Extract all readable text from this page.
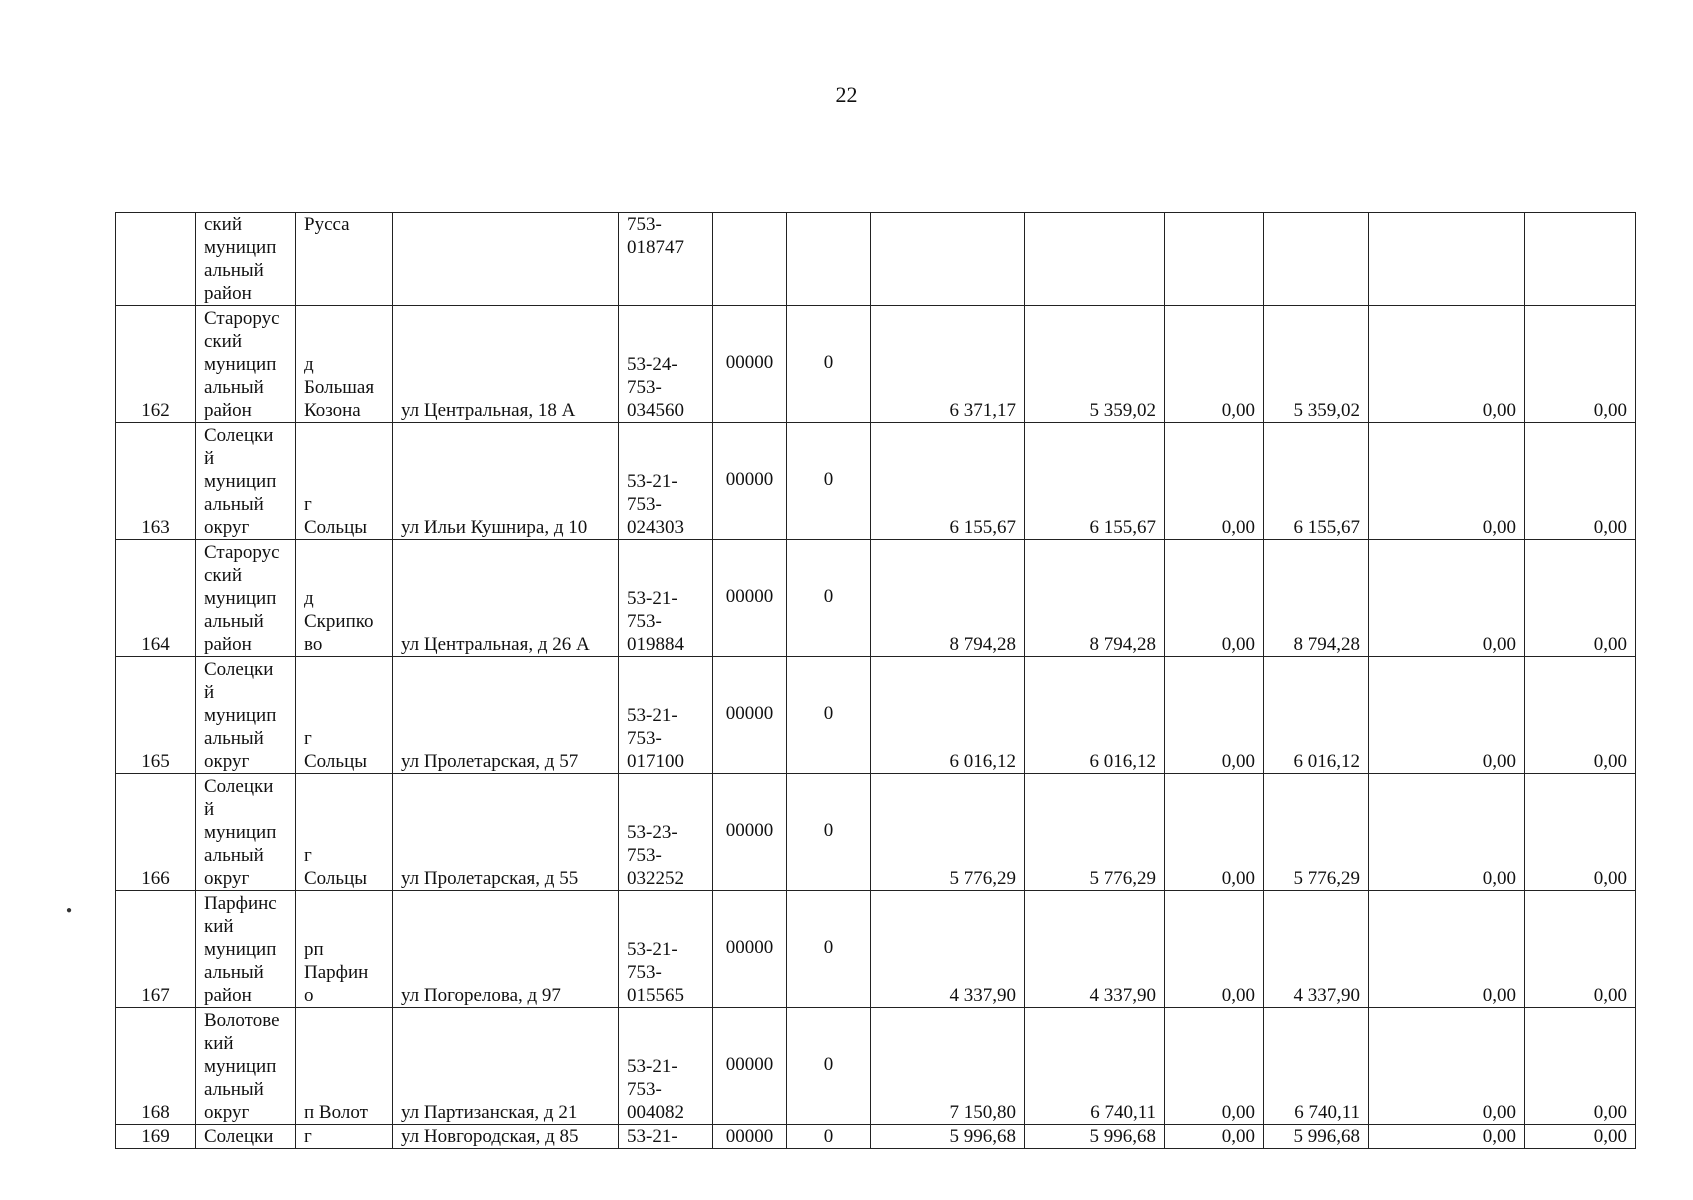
22

	ский
муницип
альный
район	Русса		753-
018747								

162	Старорус
ский
муницип
альный
район	д
Большая
Козона	ул Центральная, 18 А	53-24-
753-
034560	00000	0	6 371,17	5 359,02	0,00	5 359,02	0,00	0,00
163	Солецки
й
муницип
альный
округ	г
Сольцы	ул Ильи Кушнира, д 10	53-21-
753-
024303	00000	0	6 155,67	6 155,67	0,00	6 155,67	0,00	0,00
164	Старорус
ский
муницип
альный
район	д
Скрипко
во	ул Центральная, д 26 А	53-21-
753-
019884	00000	0	8 794,28	8 794,28	0,00	8 794,28	0,00	0,00
165	Солецки
й
муницип
альный
округ	г
Сольцы	ул Пролетарская, д 57	53-21-
753-
017100	00000	0	6 016,12	6 016,12	0,00	6 016,12	0,00	0,00
166	Солецки
й
муницип
альный
округ	г
Сольцы	ул Пролетарская, д 55	53-23-
753-
032252	00000	0	5 776,29	5 776,29	0,00	5 776,29	0,00	0,00
167	Парфинс
кий
муницип
альный
район	рп
Парфин
о	ул Погорелова, д 97	53-21-
753-
015565	00000	0	4 337,90	4 337,90	0,00	4 337,90	0,00	0,00
168	Волотове
кий
муницип
альный
округ	п Волот	ул Партизанская, д 21	53-21-
753-
004082	00000	0	7 150,80	6 740,11	0,00	6 740,11	0,00	0,00
169	Солецки	г	ул Новгородская, д 85	53-21-	00000	0	5 996,68	5 996,68	0,00	5 996,68	0,00	0,00
●
